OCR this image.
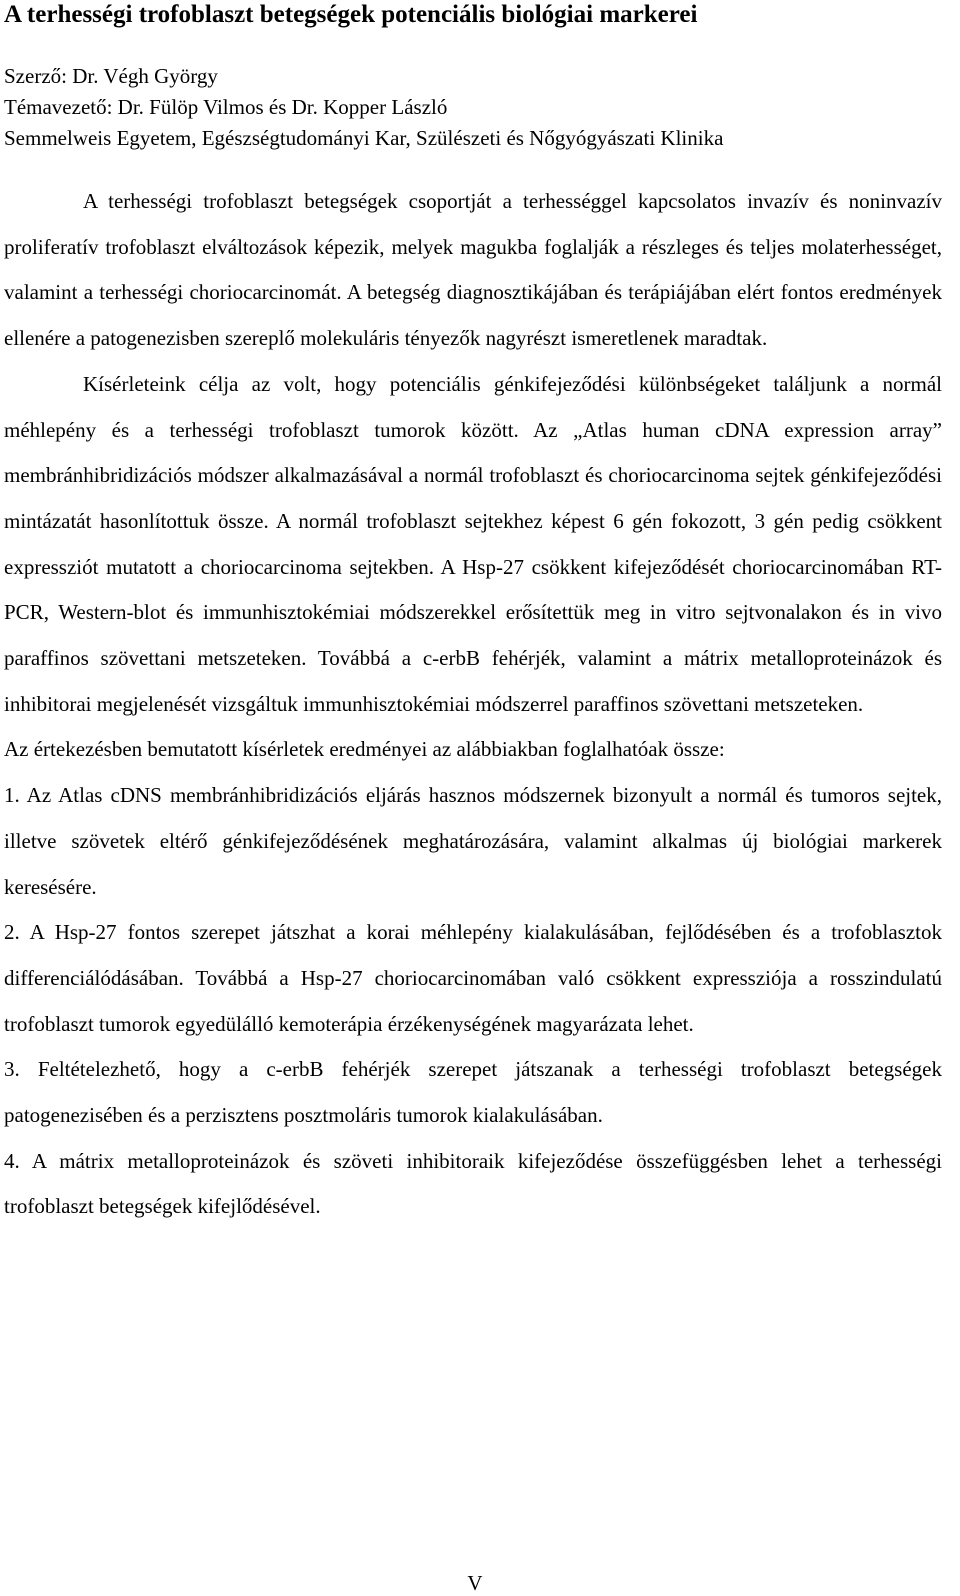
A terhességi trofoblaszt betegségek potenciális biológiai markerei
Szerző: Dr. Végh György
Témavezető: Dr. Fülöp Vilmos és Dr. Kopper László
Semmelweis Egyetem, Egészségtudományi Kar, Szülészeti és Nőgyógyászati Klinika

A terhességi trofoblaszt betegségek csoportját a terhességgel kapcsolatos invazív és noninvazív proliferatív trofoblaszt elváltozások képezik, melyek magukba foglalják a részleges és teljes molaterhességet, valamint a terhességi choriocarcinomát. A betegség diagnosztikájában és terápiájában elért fontos eredmények ellenére a patogenezisben szereplő molekuláris tényezők nagyrészt ismeretlenek maradtak.

Kísérleteink célja az volt, hogy potenciális génkifejeződési különbségeket találjunk a normál méhlepény és a terhességi trofoblaszt tumorok között. Az „Atlas human cDNA expression array” membránhibridizációs módszer alkalmazásával a normál trofoblaszt és choriocarcinoma sejtek génkifejeződési mintázatát hasonlítottuk össze. A normál trofoblaszt sejtekhez képest 6 gén fokozott, 3 gén pedig csökkent expressziót mutatott a choriocarcinoma sejtekben. A Hsp-27 csökkent kifejeződését choriocarcinomában RT-PCR, Western-blot és immunhisztokémiai módszerekkel erősítettük meg in vitro sejtvonalakon és in vivo paraffinos szövettani metszeteken. Továbbá a c-erbB fehérjék, valamint a mátrix metalloproteinázok és inhibitorai megjelenését vizsgáltuk immunhisztokémiai módszerrel paraffinos szövettani metszeteken.

Az értekezésben bemutatott kísérletek eredményei az alábbiakban foglalhatóak össze:

1. Az Atlas cDNS membránhibridizációs eljárás hasznos módszernek bizonyult a normál és tumoros sejtek, illetve szövetek eltérő génkifejeződésének meghatározására, valamint alkalmas új biológiai markerek keresésére.

2. A Hsp-27 fontos szerepet játszhat a korai méhlepény kialakulásában, fejlődésében és a trofoblasztok differenciálódásában. Továbbá a Hsp-27 choriocarcinomában való csökkent expressziója a rosszindulatú trofoblaszt tumorok egyedülálló kemoterápia érzékenységének magyarázata lehet.

3. Feltételezhető, hogy a c-erbB fehérjék szerepet játszanak a terhességi trofoblaszt betegségek patogenezisében és a perzisztens posztmoláris tumorok kialakulásában.

4. A mátrix metalloproteinázok és szöveti inhibitoraik kifejeződése összefüggésben lehet a terhességi trofoblaszt betegségek kifejlődésével.

V
